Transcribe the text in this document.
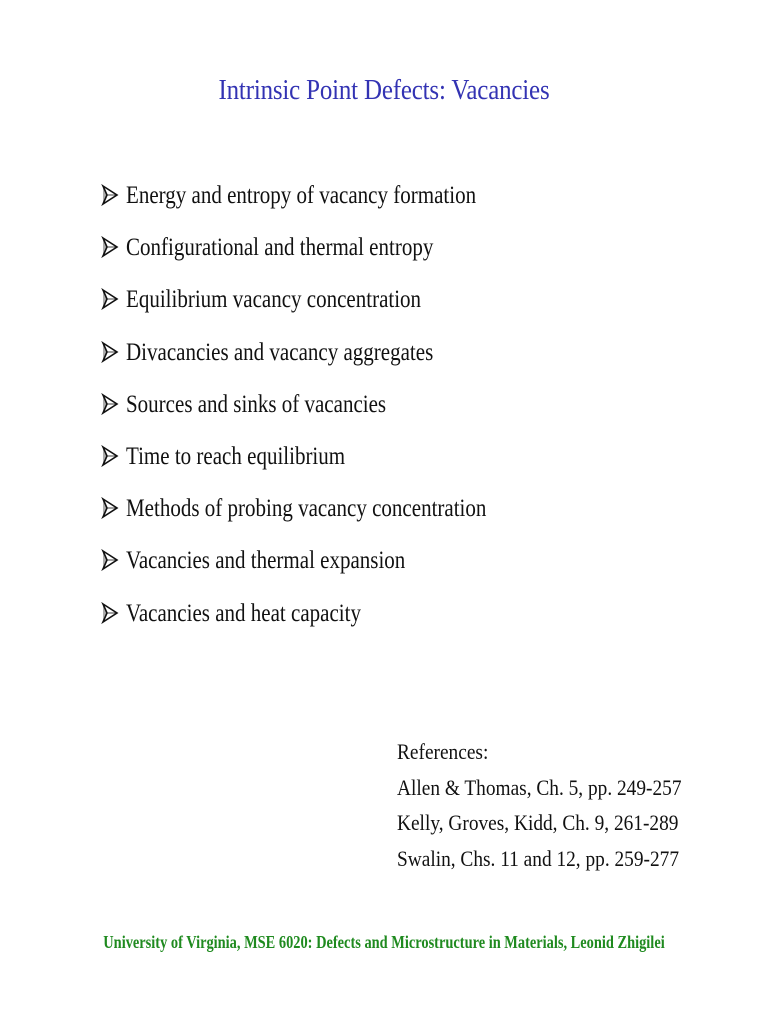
Intrinsic Point Defects: Vacancies
Energy and entropy of vacancy formation
Configurational and thermal entropy
Equilibrium vacancy concentration
Divacancies and vacancy aggregates
Sources and sinks of vacancies
Time to reach equilibrium
Methods of probing vacancy concentration
Vacancies and thermal expansion
Vacancies and heat capacity
References:
Allen & Thomas, Ch. 5, pp. 249-257
Kelly, Groves, Kidd, Ch. 9, 261-289
Swalin, Chs. 11 and 12, pp. 259-277
University of Virginia, MSE 6020: Defects and Microstructure in Materials, Leonid Zhigilei
